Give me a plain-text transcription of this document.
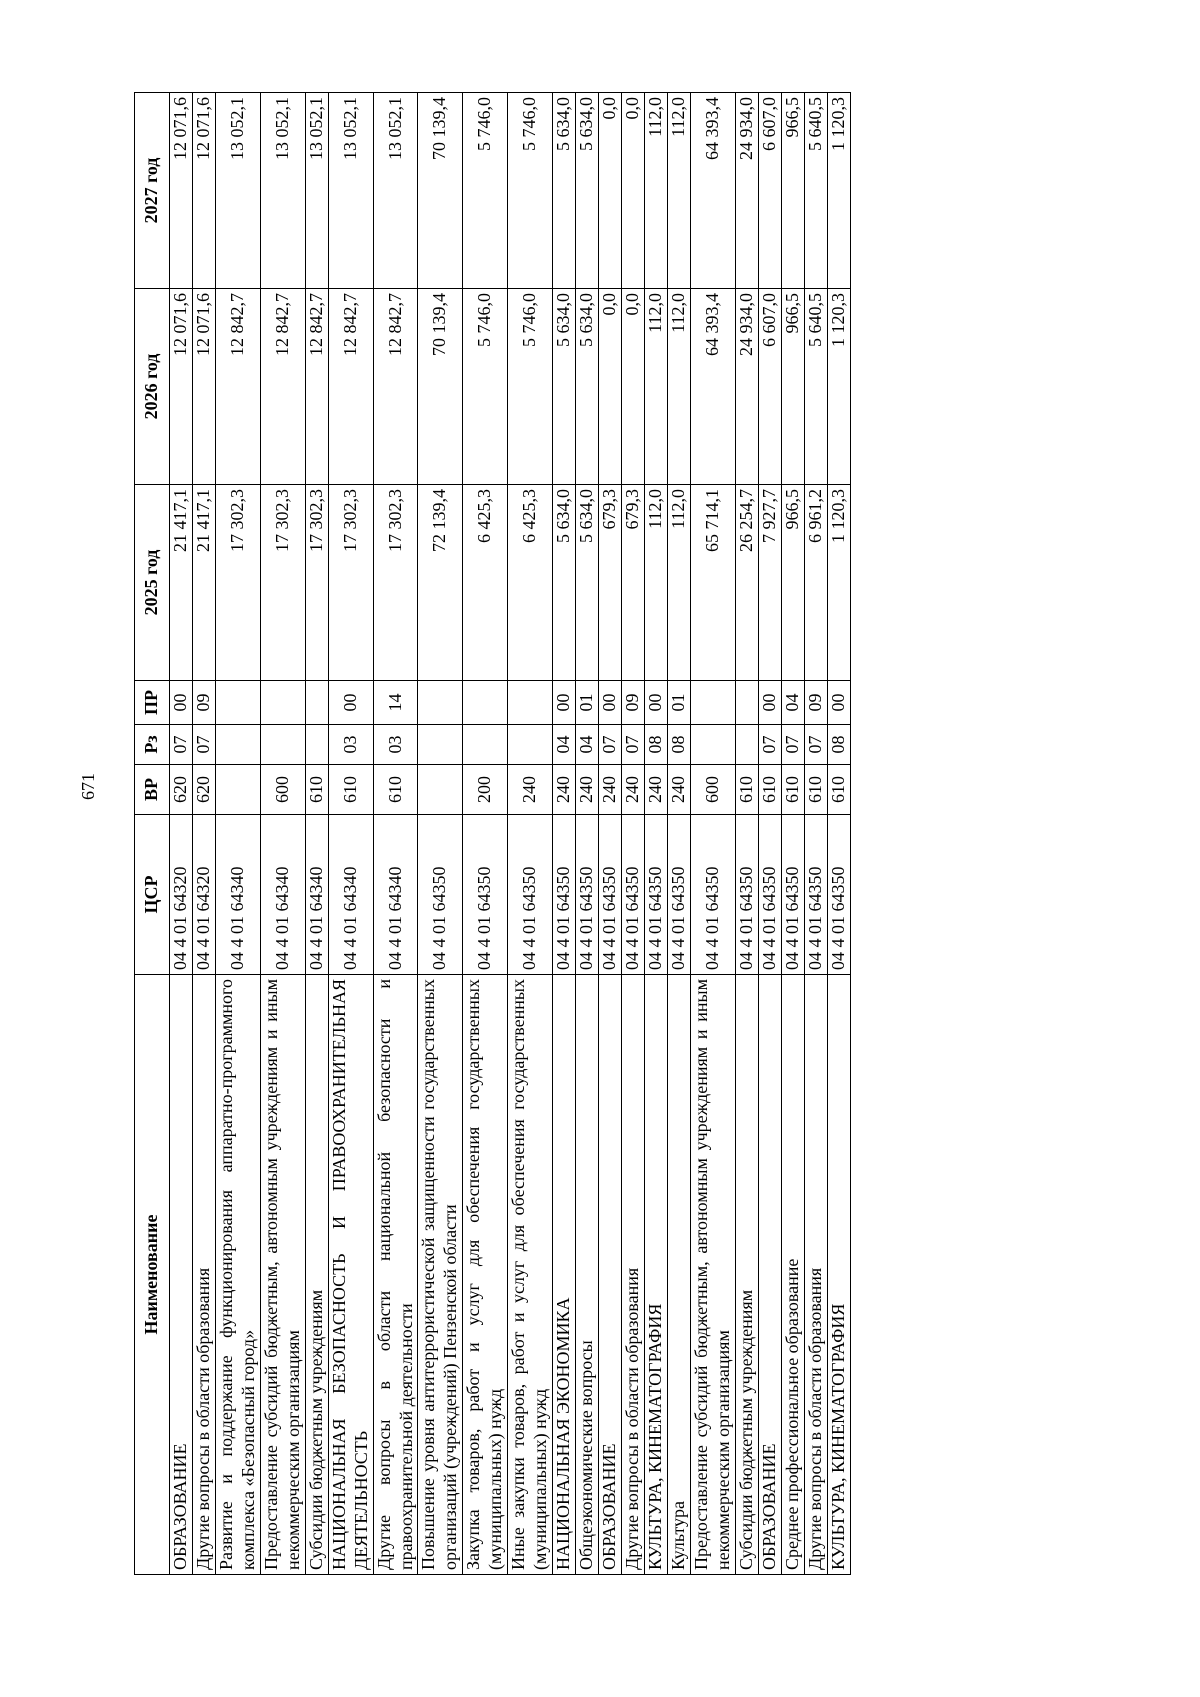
671
Наименование	ЦСР	ВР	Рз	ПР	2025 год	2026 год	2027 год
ОБРАЗОВАНИЕ	04 4 01 64320	620	07	00	21 417,1	12 071,6	12 071,6
Другие вопросы в области образования	04 4 01 64320	620	07	09	21 417,1	12 071,6	12 071,6
Развитие и поддержание функционирования аппаратно-программного комплекса «Безопасный город»	04 4 01 64340				17 302,3	12 842,7	13 052,1
Предоставление субсидий бюджетным, автономным учреждениям и иным некоммерческим организациям	04 4 01 64340	600			17 302,3	12 842,7	13 052,1
Субсидии бюджетным учреждениям	04 4 01 64340	610			17 302,3	12 842,7	13 052,1
НАЦИОНАЛЬНАЯ БЕЗОПАСНОСТЬ И ПРАВООХРАНИТЕЛЬНАЯ ДЕЯТЕЛЬНОСТЬ	04 4 01 64340	610	03	00	17 302,3	12 842,7	13 052,1
Другие вопросы в области национальной безопасности и правоохранительной деятельности	04 4 01 64340	610	03	14	17 302,3	12 842,7	13 052,1
Повышение уровня антитеррористической защищенности государственных организаций (учреждений) Пензенской области	04 4 01 64350				72 139,4	70 139,4	70 139,4
Закупка товаров, работ и услуг для обеспечения государственных (муниципальных) нужд	04 4 01 64350	200			6 425,3	5 746,0	5 746,0
Иные закупки товаров, работ и услуг для обеспечения государственных (муниципальных) нужд	04 4 01 64350	240			6 425,3	5 746,0	5 746,0
НАЦИОНАЛЬНАЯ ЭКОНОМИКА	04 4 01 64350	240	04	00	5 634,0	5 634,0	5 634,0
Общеэкономические вопросы	04 4 01 64350	240	04	01	5 634,0	5 634,0	5 634,0
ОБРАЗОВАНИЕ	04 4 01 64350	240	07	00	679,3	0,0	0,0
Другие вопросы в области образования	04 4 01 64350	240	07	09	679,3	0,0	0,0
КУЛЬТУРА, КИНЕМАТОГРАФИЯ	04 4 01 64350	240	08	00	112,0	112,0	112,0
Культура	04 4 01 64350	240	08	01	112,0	112,0	112,0
Предоставление субсидий бюджетным, автономным учреждениям и иным некоммерческим организациям	04 4 01 64350	600			65 714,1	64 393,4	64 393,4
Субсидии бюджетным учреждениям	04 4 01 64350	610			26 254,7	24 934,0	24 934,0
ОБРАЗОВАНИЕ	04 4 01 64350	610	07	00	7 927,7	6 607,0	6 607,0
Среднее профессиональное образование	04 4 01 64350	610	07	04	966,5	966,5	966,5
Другие вопросы в области образования	04 4 01 64350	610	07	09	6 961,2	5 640,5	5 640,5
КУЛЬТУРА, КИНЕМАТОГРАФИЯ	04 4 01 64350	610	08	00	1 120,3	1 120,3	1 120,3
